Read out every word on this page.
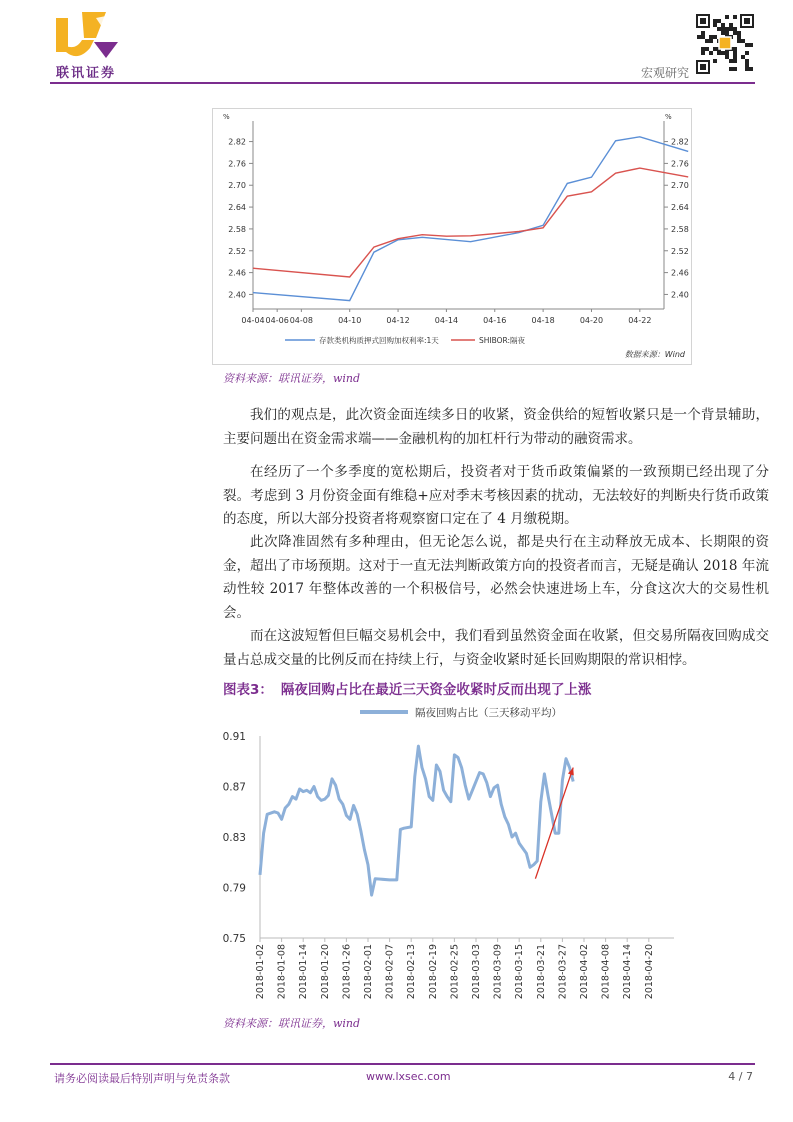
联讯证券	宏观研究
%	%
2.82	2.82
2.76	2.76
2.70	2.70
2.64	2.64
2.58	2.58
2.52	2.52
2.46	2.46
2.40	2.40
04-04 04-06 04-08	04-10	04-12	04-14	04-16	04-18	04-20	04-22
存款类机构质押式回购加权利率:1天	SHIBOR:隔夜
数据来源：Wind
资料来源：联讯证券，wind

我们的观点是，此次资金面连续多日的收紧，资金供给的短暂收紧只是一个背景辅助，主要问题出在资金需求端——金融机构的加杠杆行为带动的融资需求。

在经历了一个多季度的宽松期后，投资者对于货币政策偏紧的一致预期已经出现了分裂。考虑到 3 月份资金面有维稳+应对季末考核因素的扰动，无法较好的判断央行货币政策的态度，所以大部分投资者将观察窗口定在了 4 月缴税期。

此次降准固然有多种理由，但无论怎么说，都是央行在主动释放无成本、长期限的资金，超出了市场预期。这对于一直无法判断政策方向的投资者而言，无疑是确认 2018 年流动性较 2017 年整体改善的一个积极信号，必然会快速进场上车，分食这次大的交易性机会。

而在这波短暂但巨幅交易机会中，我们看到虽然资金面在收紧，但交易所隔夜回购成交量占总成交量的比例反而在持续上行，与资金收紧时延长回购期限的常识相悖。

图表3： 隔夜回购占比在最近三天资金收紧时反而出现了上涨
隔夜回购占比（三天移动平均）
0.91
0.87
0.83
0.79
0.75
2018-01-02 2018-01-08 2018-01-14 2018-01-20 2018-01-26 2018-02-01 2018-02-07 2018-02-13 2018-02-19 2018-02-25 2018-03-03 2018-03-09 2018-03-15 2018-03-21 2018-03-27 2018-04-02 2018-04-08 2018-04-14 2018-04-20
资料来源：联讯证券，wind
请务必阅读最后特别声明与免责条款	www.lxsec.com	4 / 7
